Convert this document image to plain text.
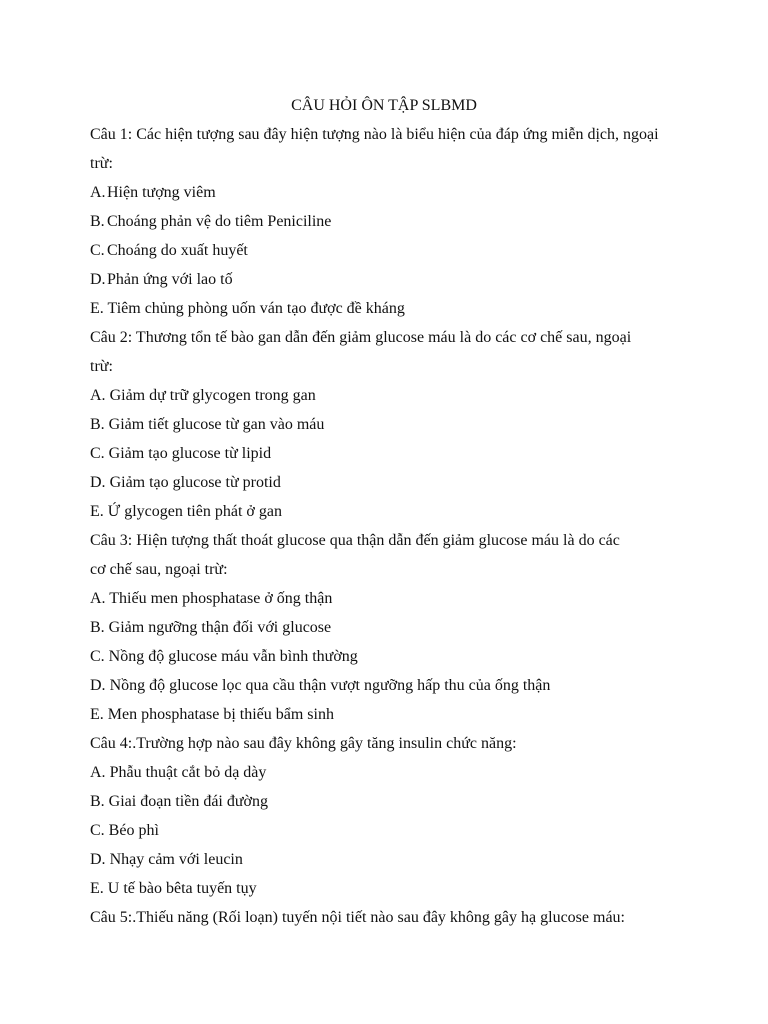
CÂU HỎI ÔN TẬP SLBMD
Câu 1: Các hiện tượng sau đây hiện tượng nào là biểu hiện của đáp ứng miễn dịch, ngoại
trừ:
A.Hiện tượng viêm
B. Choáng phản vệ do tiêm Peniciline
C. Choáng do xuất huyết
D.Phản ứng với lao tố
E. Tiêm chủng phòng uốn ván tạo được đề kháng
Câu 2: Thương tổn tế bào gan dẫn đến giảm glucose máu là do các cơ chế sau, ngoại
trừ:
A. Giảm dự trữ glycogen trong gan
B. Giảm tiết glucose từ gan vào máu
C. Giảm tạo glucose từ lipid
D. Giảm tạo glucose từ protid
E. Ứ glycogen tiên phát ở gan
Câu 3: Hiện tượng thất thoát glucose qua thận dẫn đến giảm glucose máu là do các
cơ chế sau, ngoại trừ:
A. Thiếu men phosphatase ở ống thận
B. Giảm ngưỡng thận đối với glucose
C. Nồng độ glucose máu vẫn bình thường
D. Nồng độ glucose lọc qua cầu thận vượt ngưỡng hấp thu của ống thận
E. Men phosphatase bị thiếu bẩm sinh
Câu 4:.Trường hợp nào sau đây không gây tăng insulin chức năng:
A. Phẫu thuật cắt bỏ dạ dày
B. Giai đoạn tiền đái đường
C. Béo phì
D. Nhạy cảm với leucin
E. U tế bào bêta tuyến tụy
Câu 5:.Thiếu năng (Rối loạn) tuyến nội tiết nào sau đây không gây hạ glucose máu:
